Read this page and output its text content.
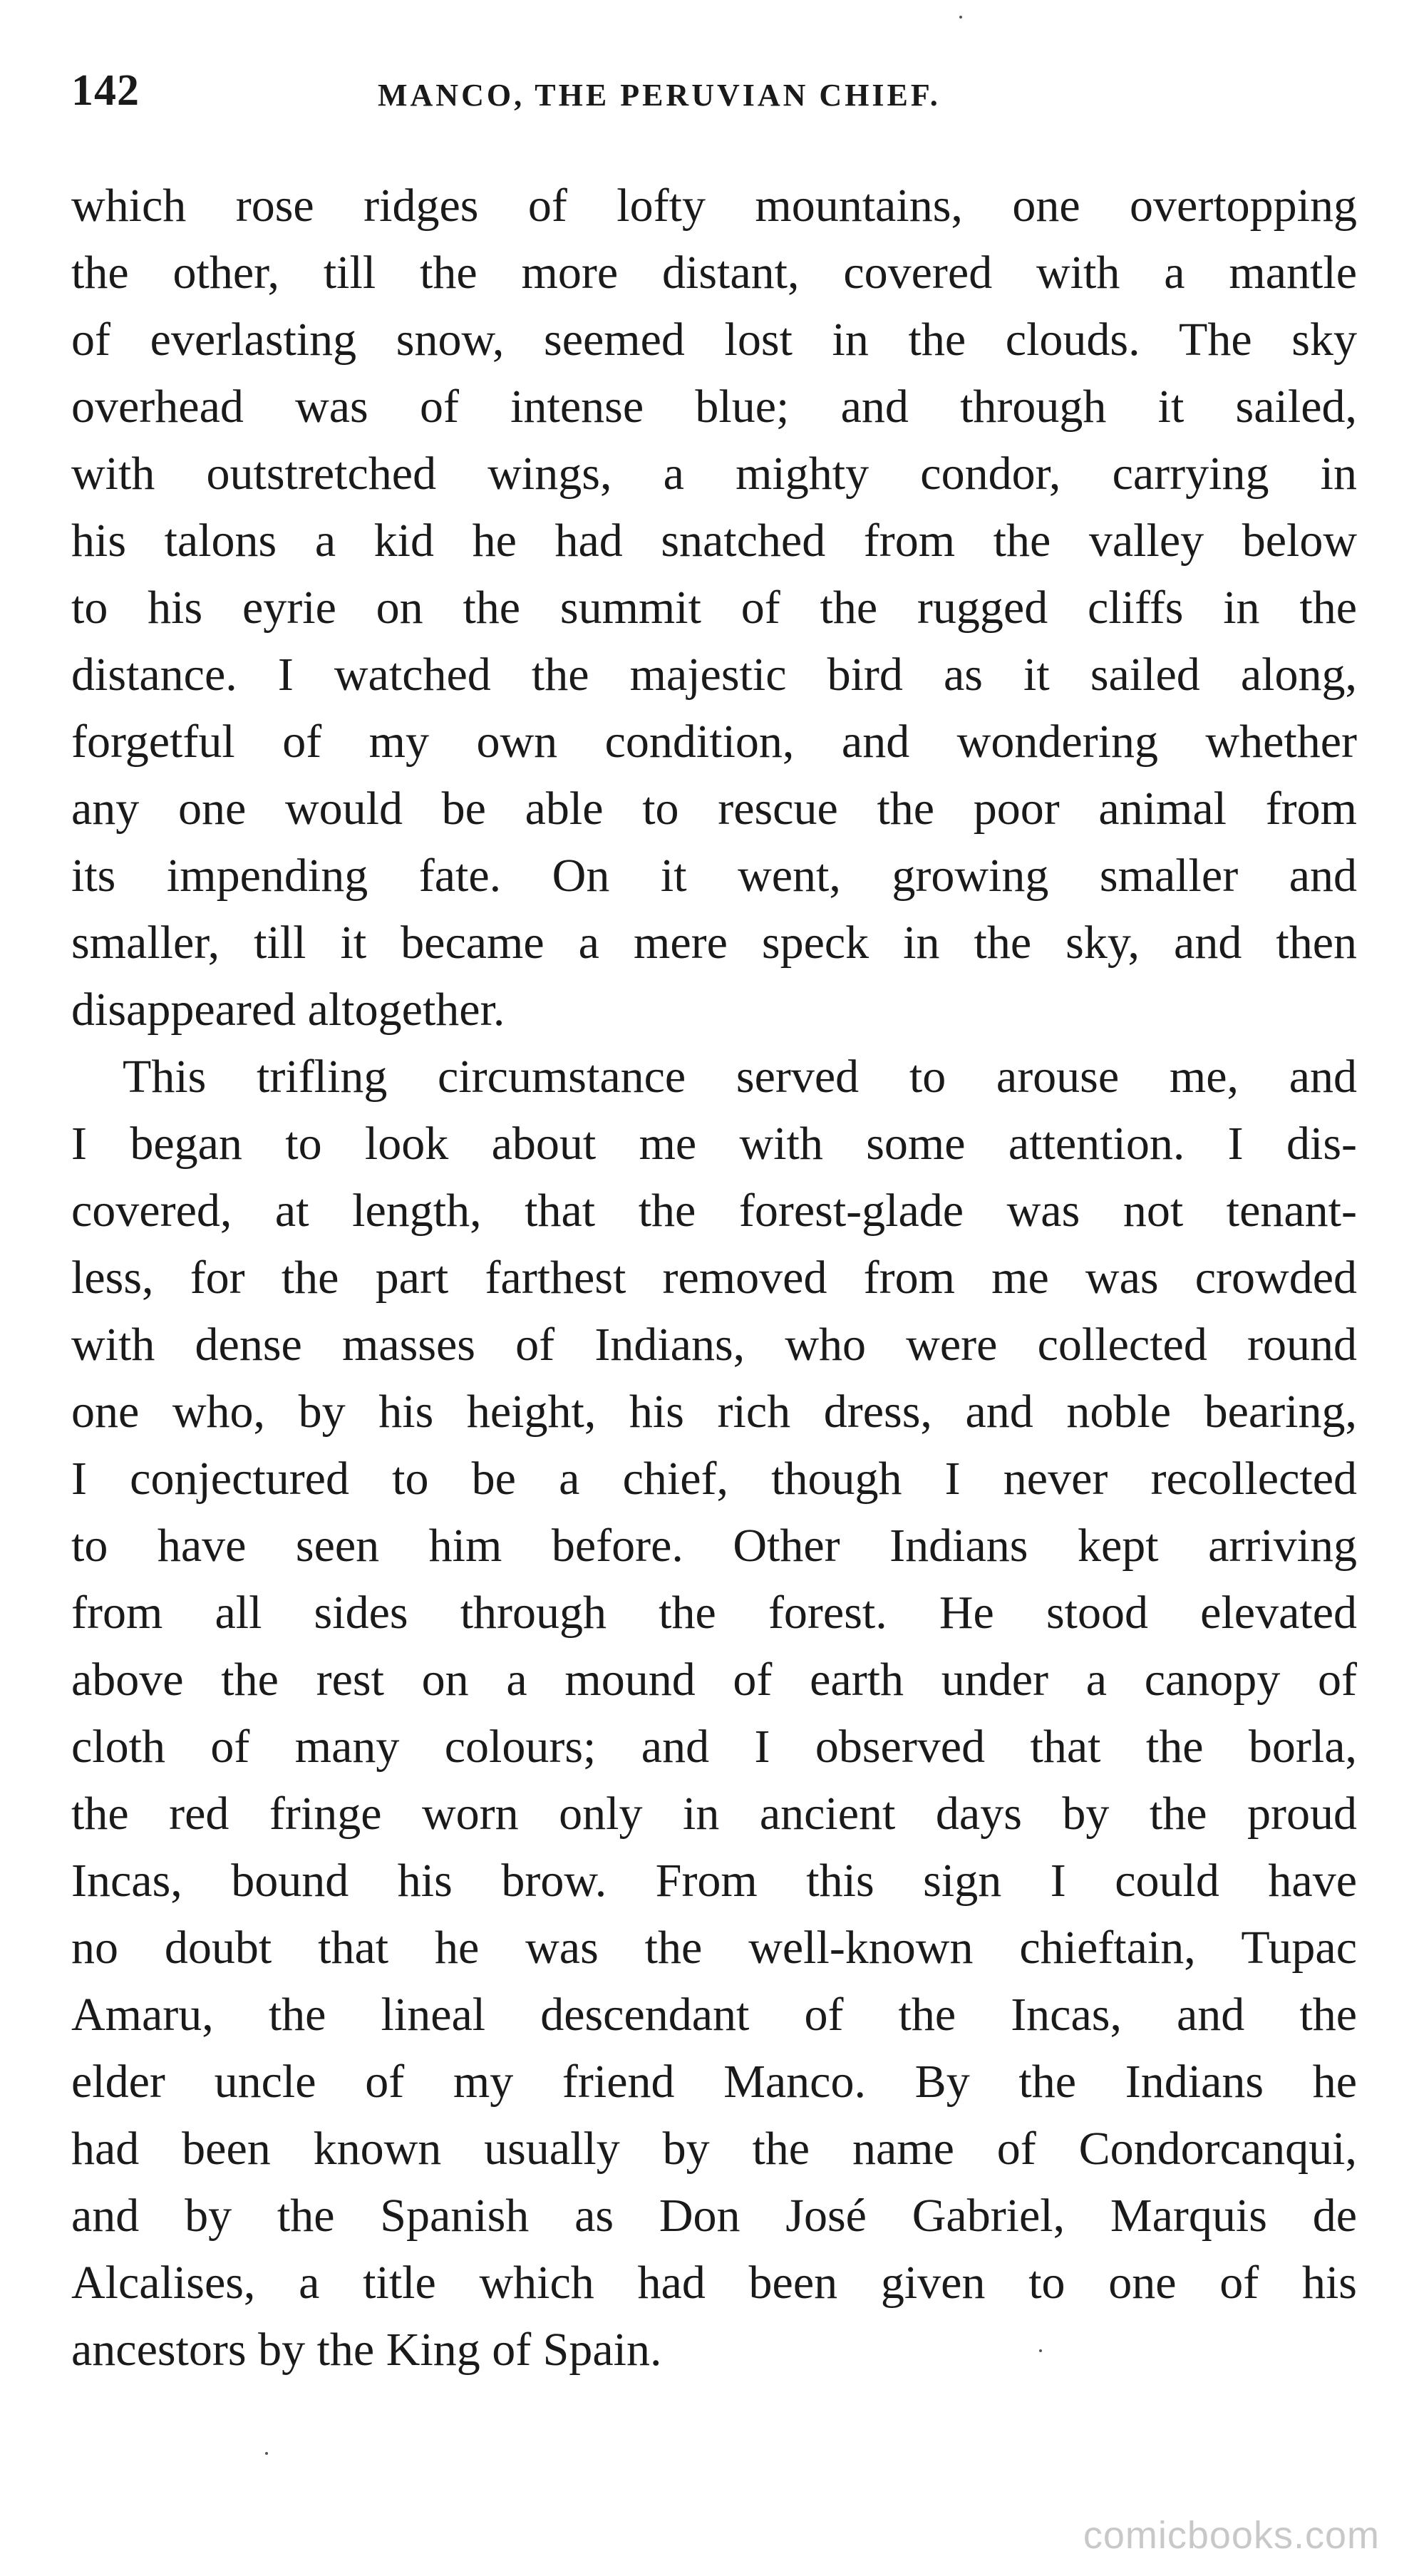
142	MANCO, THE PERUVIAN CHIEF.
which rose ridges of lofty mountains, one overtopping
the other, till the more distant, covered with a mantle
of everlasting snow, seemed lost in the clouds. The sky
overhead was of intense blue; and through it sailed,
with outstretched wings, a mighty condor, carrying in
his talons a kid he had snatched from the valley below
to his eyrie on the summit of the rugged cliffs in the
distance. I watched the majestic bird as it sailed along,
forgetful of my own condition, and wondering whether
any one would be able to rescue the poor animal from
its impending fate. On it went, growing smaller and
smaller, till it became a mere speck in the sky, and then
disappeared altogether.
This trifling circumstance served to arouse me, and
I began to look about me with some attention. I dis-
covered, at length, that the forest-glade was not tenant-
less, for the part farthest removed from me was crowded
with dense masses of Indians, who were collected round
one who, by his height, his rich dress, and noble bearing,
I conjectured to be a chief, though I never recollected
to have seen him before. Other Indians kept arriving
from all sides through the forest. He stood elevated
above the rest on a mound of earth under a canopy of
cloth of many colours; and I observed that the borla,
the red fringe worn only in ancient days by the proud
Incas, bound his brow. From this sign I could have
no doubt that he was the well-known chieftain, Tupac
Amaru, the lineal descendant of the Incas, and the
elder uncle of my friend Manco. By the Indians he
had been known usually by the name of Condorcanqui,
and by the Spanish as Don José Gabriel, Marquis de
Alcalises, a title which had been given to one of his
ancestors by the King of Spain.
comicbooks.com
